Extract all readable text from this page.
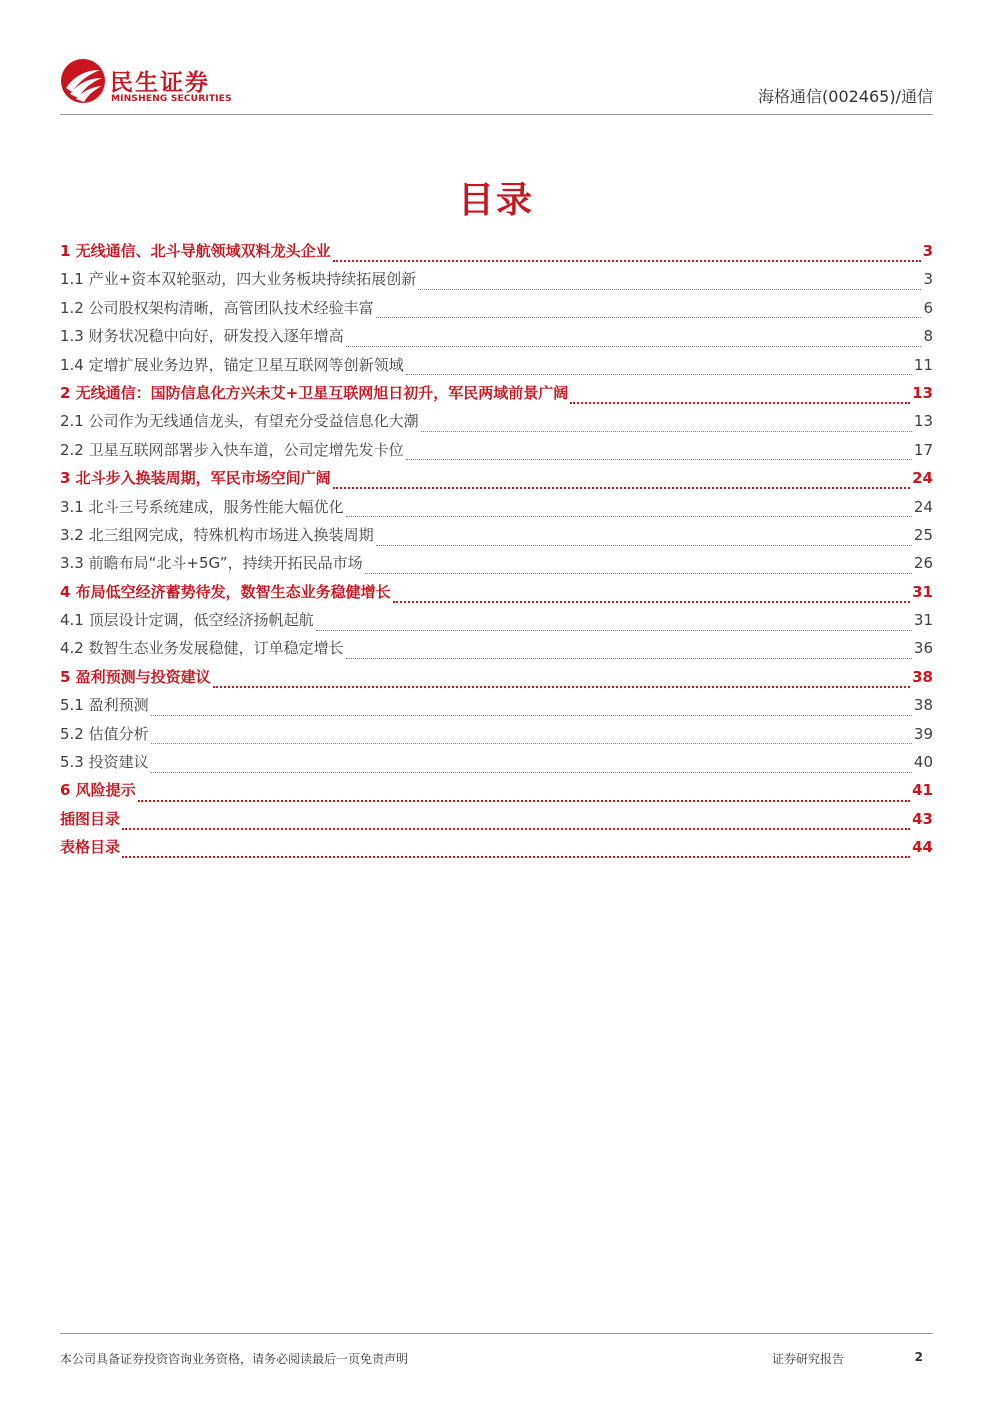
民生证券
MINSHENG SECURITIES	海格通信(002465)/通信
目录
1 无线通信、北斗导航领域双料龙头企业	3
1.1 产业+资本双轮驱动，四大业务板块持续拓展创新	3
1.2 公司股权架构清晰，高管团队技术经验丰富	6
1.3 财务状况稳中向好，研发投入逐年增高	8
1.4 定增扩展业务边界，锚定卫星互联网等创新领域	11
2 无线通信：国防信息化方兴未艾+卫星互联网旭日初升，军民两域前景广阔	13
2.1 公司作为无线通信龙头，有望充分受益信息化大潮	13
2.2 卫星互联网部署步入快车道，公司定增先发卡位	17
3 北斗步入换装周期，军民市场空间广阔	24
3.1 北斗三号系统建成，服务性能大幅优化	24
3.2 北三组网完成，特殊机构市场进入换装周期	25
3.3 前瞻布局“北斗+5G”，持续开拓民品市场	26
4 布局低空经济蓄势待发，数智生态业务稳健增长	31
4.1 顶层设计定调，低空经济扬帆起航	31
4.2 数智生态业务发展稳健，订单稳定增长	36
5 盈利预测与投资建议	38
5.1 盈利预测	38
5.2 估值分析	39
5.3 投资建议	40
6 风险提示	41
插图目录	43
表格目录	44
本公司具备证券投资咨询业务资格，请务必阅读最后一页免责声明	证券研究报告	2
